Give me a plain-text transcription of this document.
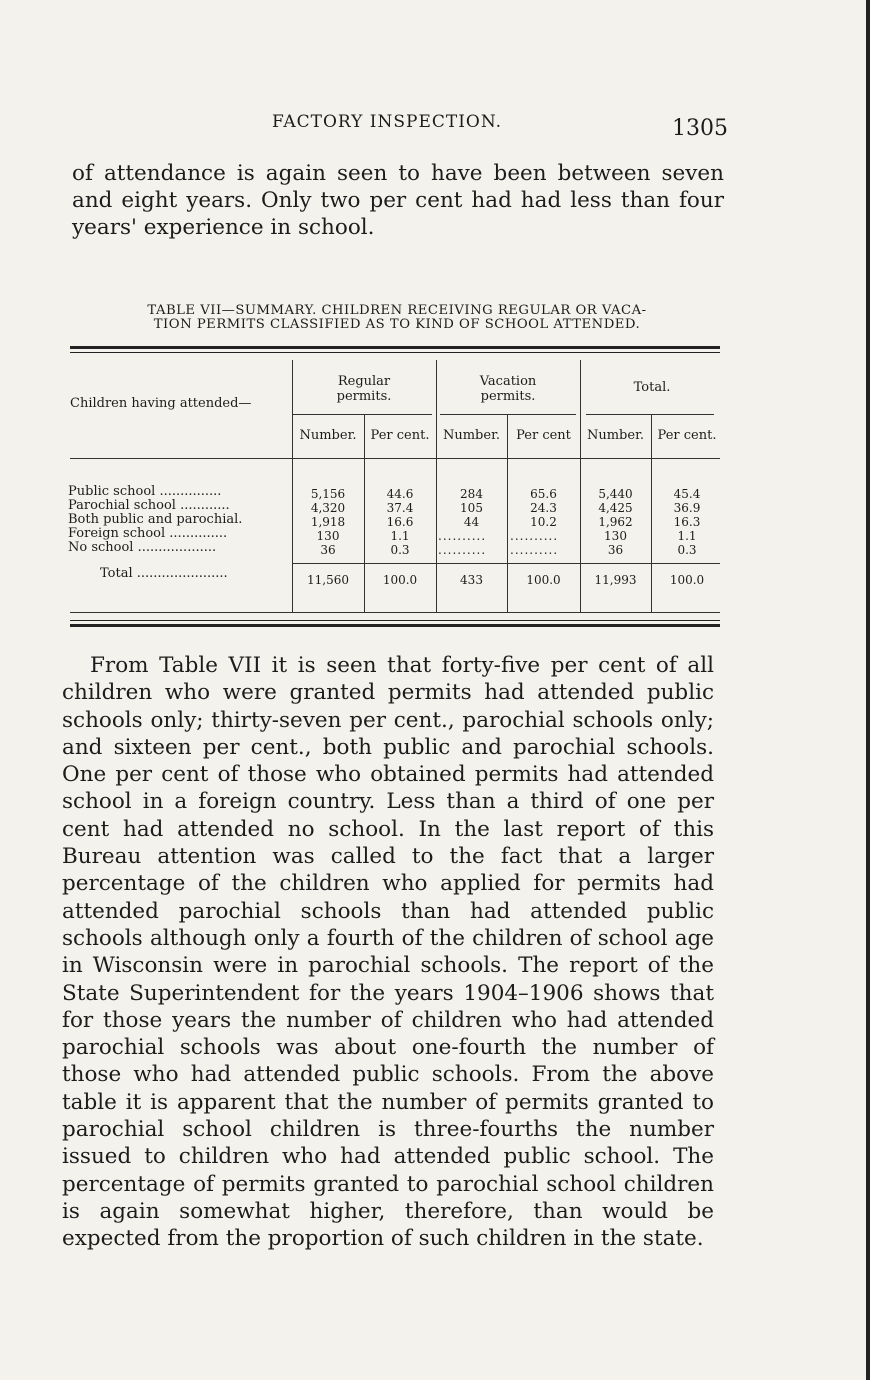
FACTORY INSPECTION.	1305

of attendance is again seen to have been between seven and eight years. Only two per cent had had less than four years' experience in school.

TABLE VII—SUMMARY. CHILDREN RECEIVING REGULAR OR VACA-
TION PERMITS CLASSIFIED AS TO KIND OF SCHOOL ATTENDED.
Children having attended—
Regular
permits.
Vacation
permits.
Total.
Number.	Per cent.	Number.	Per cent	Number.	Per cent.
Public school ...............	5,156	44.6	284	65.6	5,440	45.4
Parochial school ............	4,320	37.4	105	24.3	4,425	36.9
Both public and parochial.	1,918	16.6	44	10.2	1,962	16.3
Foreign school ..............	130	1.1	..........	..........	130	1.1
No school ...................	36	0.3	..........	..........	36	0.3
Total ......................	11,560	100.0	433	100.0	11,993	100.0

From Table VII it is seen that forty-five per cent of all children who were granted permits had attended public schools only; thirty-seven per cent., parochial schools only; and sixteen per cent., both public and parochial schools. One per cent of those who obtained permits had attended school in a foreign country. Less than a third of one per cent had attended no school. In the last report of this Bureau attention was called to the fact that a larger percentage of the children who applied for permits had attended parochial schools than had attended public schools although only a fourth of the children of school age in Wisconsin were in parochial schools. The report of the State Superintendent for the years 1904–1906 shows that for those years the number of children who had attended parochial schools was about one-fourth the number of those who had attended public schools. From the above table it is apparent that the number of permits granted to parochial school children is three-fourths the number issued to children who had attended public school. The percentage of permits granted to parochial school children is again somewhat higher, therefore, than would be expected from the proportion of such children in the state.
